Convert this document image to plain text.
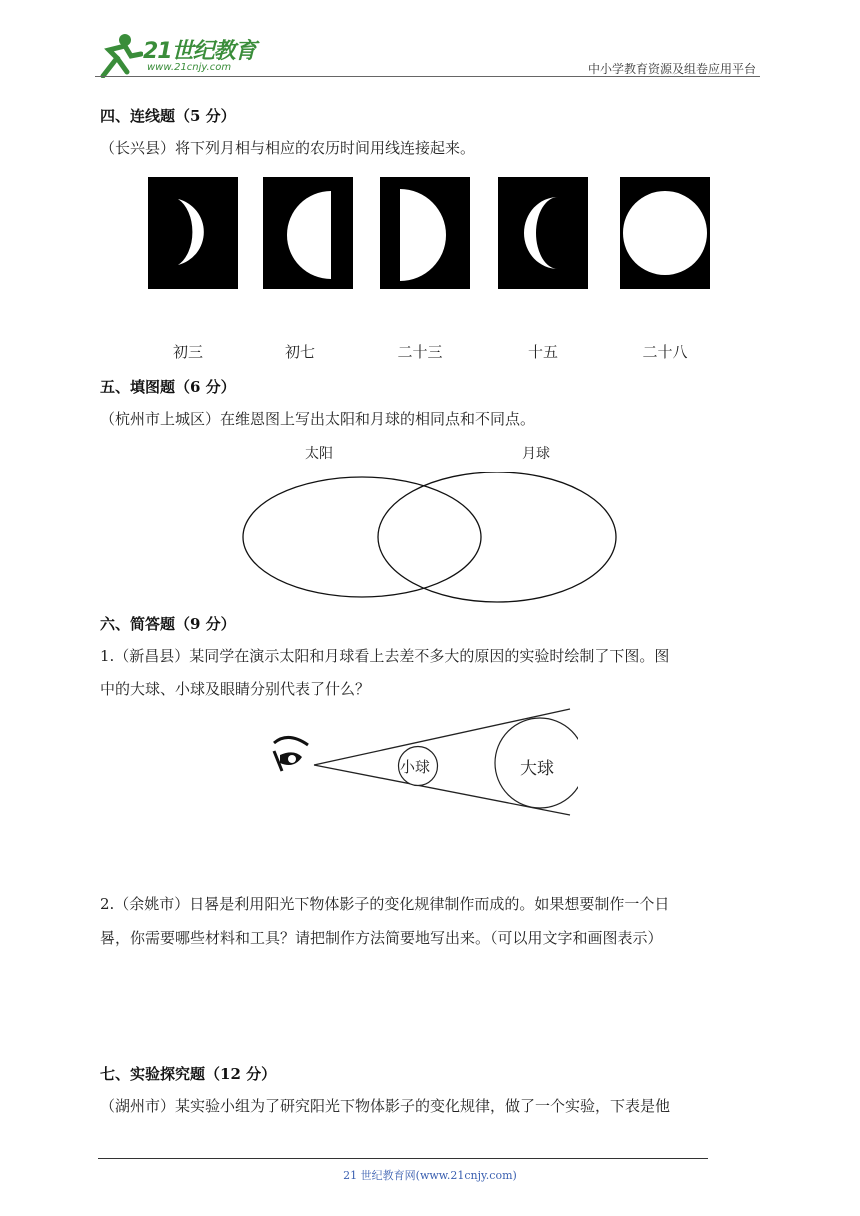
21世纪教育
www.21cnjy.com	中小学教育资源及组卷应用平台
四、连线题（5 分）
（长兴县）将下列月相与相应的农历时间用线连接起来。
初三	初七	二十三	十五	二十八
五、填图题（6 分）
（杭州市上城区）在维恩图上写出太阳和月球的相同点和不同点。
太阳	月球
六、简答题（9 分）
1.（新昌县）某同学在演示太阳和月球看上去差不多大的原因的实验时绘制了下图。图
中的大球、小球及眼睛分别代表了什么？
小球	大球
2.（余姚市）日晷是利用阳光下物体影子的变化规律制作而成的。如果想要制作一个日
晷，你需要哪些材料和工具？请把制作方法简要地写出来。（可以用文字和画图表示）
七、实验探究题（12 分）
（湖州市）某实验小组为了研究阳光下物体影子的变化规律，做了一个实验，下表是他
21 世纪教育网(www.21cnjy.com)
